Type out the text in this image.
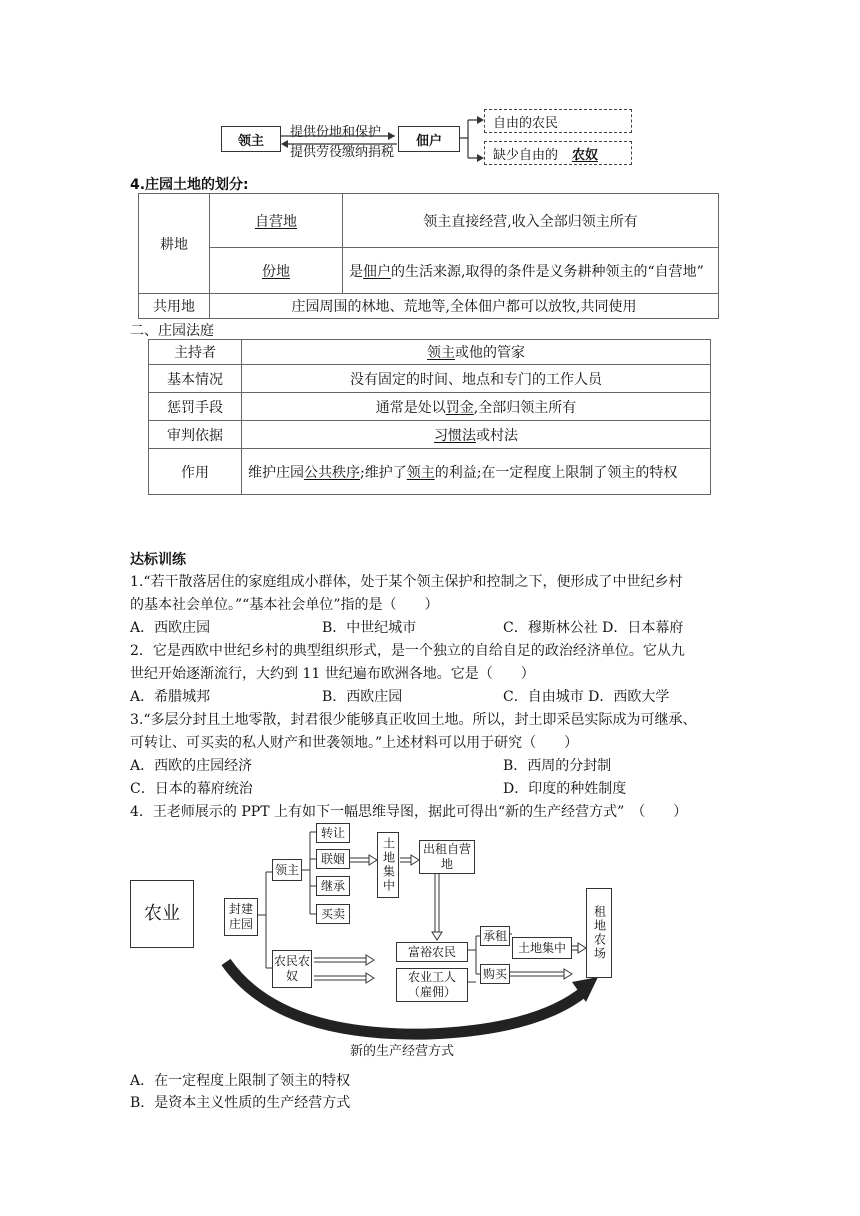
领主
提供份地和保护
提供劳役缴纳捐税
佃户
自由的农民
缺少自由的	农奴
4.庄园土地的划分:
耕地	自营地	领主直接经营,收入全部归领主所有
	份地	是佃户的生活来源,取得的条件是义务耕种领主的“自营地”
共用地	庄园周围的林地、荒地等,全体佃户都可以放牧,共同使用	
二、庄园法庭
主持者	领主或他的管家
基本情况	没有固定的时间、地点和专门的工作人员
惩罚手段	通常是处以罚金,全部归领主所有
审判依据	习惯法或村法
作用	维护庄园公共秩序;维护了领主的利益;在一定程度上限制了领主的特权
达标训练
1.“若干散落居住的家庭组成小群体，处于某个领主保护和控制之下，便形成了中世纪乡村
的基本社会单位。”“基本社会单位”指的是（　　）
A．西欧庄园	B．中世纪城市	C．穆斯林公社 D．日本幕府
2．它是西欧中世纪乡村的典型组织形式，是一个独立的自给自足的政治经济单位。它从九
世纪开始逐渐流行，大约到 11 世纪遍布欧洲各地。它是（　　）
A．希腊城邦	B．西欧庄园	C．自由城市 D．西欧大学
3.“多层分封且土地零散，封君很少能够真正收回土地。所以，封土即采邑实际成为可继承、
可转让、可买卖的私人财产和世袭领地。”上述材料可以用于研究（　　）
A．西欧的庄园经济	B．西周的分封制
C．日本的幕府统治	D．印度的种姓制度
4．王老师展示的 PPT 上有如下一幅思维导图，据此可得出“新的生产经营方式”　（　　）
农业	封建庄园
领主
转让
联姻
继承
买卖
土地集中	出租自营地
农民农奴
富裕农民
农业工人（雇佣）
承租
购买
土地集中	租地农场
新的生产经营方式
A．在一定程度上限制了领主的特权
B．是资本主义性质的生产经营方式
